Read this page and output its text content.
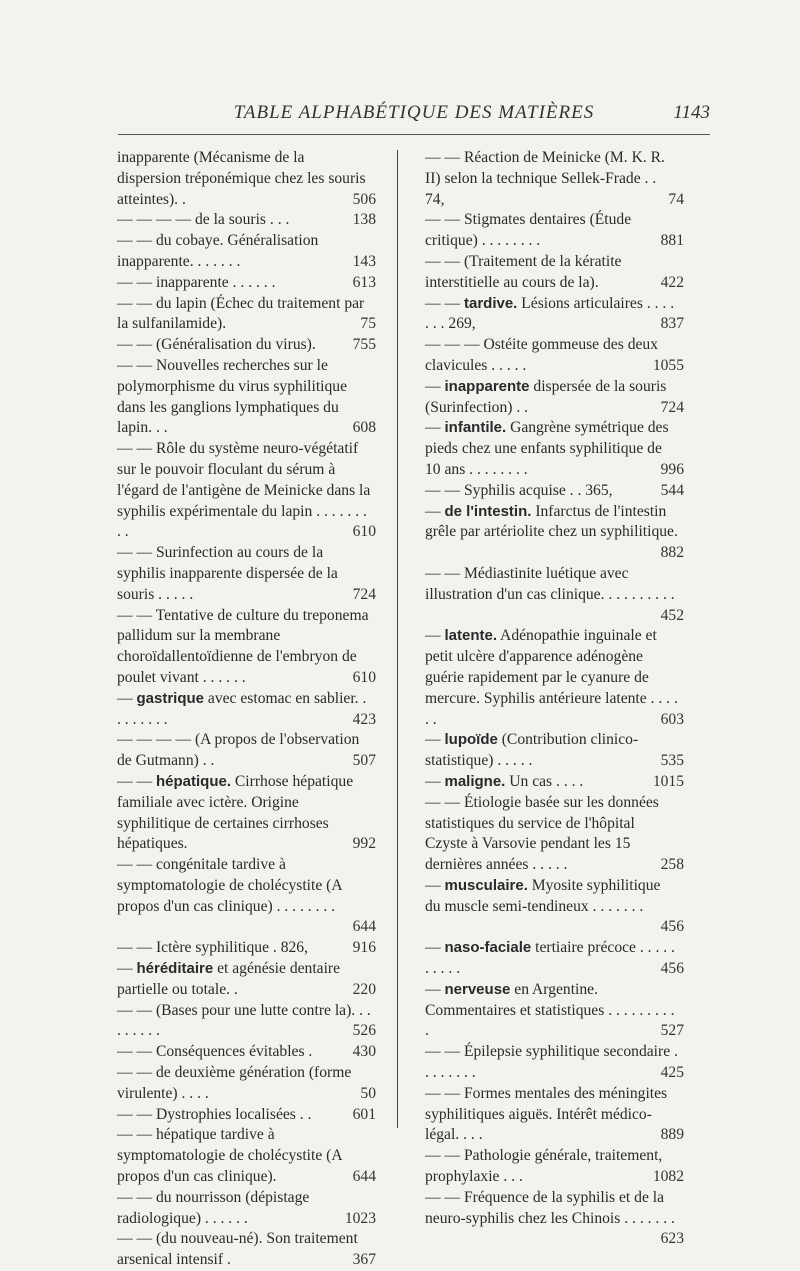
TABLE ALPHABÉTIQUE DES MATIÈRES	1143

inapparente (Mécanisme de la dispersion tréponémique chez les souris atteintes). .	506

— — — — de la souris . . .	138

— — du cobaye. Généralisation inapparente. . . . . . .	143

— — inapparente . . . . . .	613

— — du lapin (Échec du traitement par la sulfanilamide).	75

— — (Généralisation du virus).	755

— — Nouvelles recherches sur le polymorphisme du virus syphilitique dans les ganglions lymphatiques du lapin. . .	608

— — Rôle du système neuro-végétatif sur le pouvoir floculant du sérum à l'égard de l'antigène de Meinicke dans la syphilis expérimentale du lapin . . . . . . . . .	610

— — Surinfection au cours de la syphilis inapparente dispersée de la souris . . . . .	724

— — Tentative de culture du treponema pallidum sur la membrane choroïdallentoïdienne de l'embryon de poulet vivant . . . . . .	610

— gastrique avec estomac en sablier. . . . . . . . .	423

— — — — (A propos de l'observation de Gutmann) . .	507

— — hépatique. Cirrhose hépatique familiale avec ictère. Origine syphilitique de certaines cirrhoses hépatiques.	992

— — congénitale tardive à symptomatologie de cholécystite (A propos d'un cas clinique) . . . . . . . .
644

— — Ictère syphilitique . 826,	916

— héréditaire et agénésie dentaire partielle ou totale. .	220

— — (Bases pour une lutte contre la). . . . . . . . .	526

— — Conséquences évitables .	430

— — de deuxième génération (forme virulente) . . . .	50

— — Dystrophies localisées . .	601

— — hépatique tardive à symptomatologie de cholécystite (A propos d'un cas clinique).	644

— — du nourrisson (dépistage radiologique) . . . . . .	1023

— — (du nouveau-né). Son traitement arsenical intensif .	367

— — Réaction de Meinicke (M. K. R. II) selon la technique Sellek-Frade . . 74,	74

— — Stigmates dentaires (Étude critique) . . . . . . . .	881

— — (Traitement de la kératite interstitielle au cours de la).	422

— — tardive. Lésions articulaires . . . . . . . 269,	837

— — — Ostéite gommeuse des deux clavicules . . . . .	1055

— inapparente dispersée de la souris (Surinfection) . .	724

— infantile. Gangrène symétrique des pieds chez une enfants syphilitique de 10 ans . . . . . . . .	996

— — Syphilis acquise . . 365,	544

— de l'intestin. Infarctus de l'intestin grêle par artériolite chez un syphilitique.
882

— — Médiastinite luétique avec illustration d'un cas clinique. . . . . . . . . .
452

— latente. Adénopathie inguinale et petit ulcère d'apparence adénogène guérie rapidement par le cyanure de mercure. Syphilis antérieure latente . . . . . .	603

— lupoïde (Contribution clinico-statistique) . . . . .	535

— maligne. Un cas . . . .	1015

— — Étiologie basée sur les données statistiques du service de l'hôpital Czyste à Varsovie pendant les 15 dernières années . . . . .	258

— musculaire. Myosite syphilitique du muscle semi-tendineux . . . . . . .
456

— naso-faciale tertiaire précoce . . . . . . . . . .	456

— nerveuse en Argentine. Commentaires et statistiques . . . . . . . . . .	527

— — Épilepsie syphilitique secondaire . . . . . . . .	425

— — Formes mentales des méningites syphilitiques aiguës. Intérêt médico-légal. . . .	889

— — Pathologie générale, traitement, prophylaxie . . .	1082

— — Fréquence de la syphilis et de la neuro-syphilis chez les Chinois . . . . . . .
623
